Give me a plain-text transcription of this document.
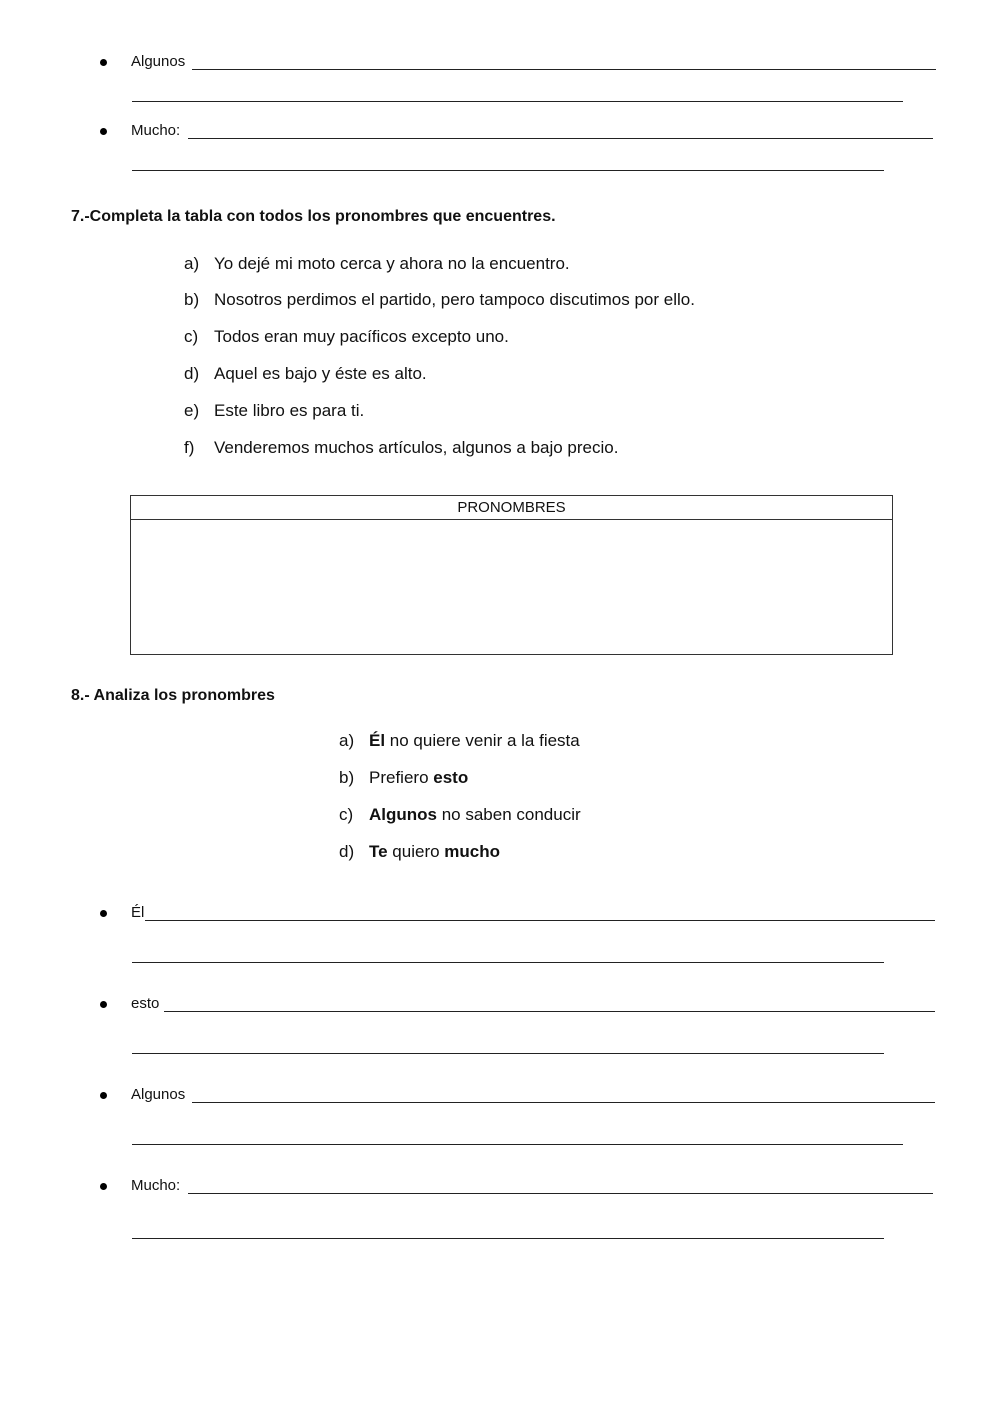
Algunos
Mucho:
7.-Completa la tabla con todos los pronombres que encuentres.
a) Yo dejé mi moto cerca y ahora no la encuentro.
b) Nosotros perdimos el partido, pero tampoco discutimos por ello.
c) Todos eran muy pacíficos excepto uno.
d) Aquel es bajo y éste es alto.
e) Este libro es para ti.
f) Venderemos muchos artículos, algunos a bajo precio.
PRONOMBRES
8.- Analiza los pronombres
a) Él no quiere venir a la fiesta
b) Prefiero esto
c) Algunos no saben conducir
d) Te quiero mucho
Él
esto
Algunos
Mucho:
